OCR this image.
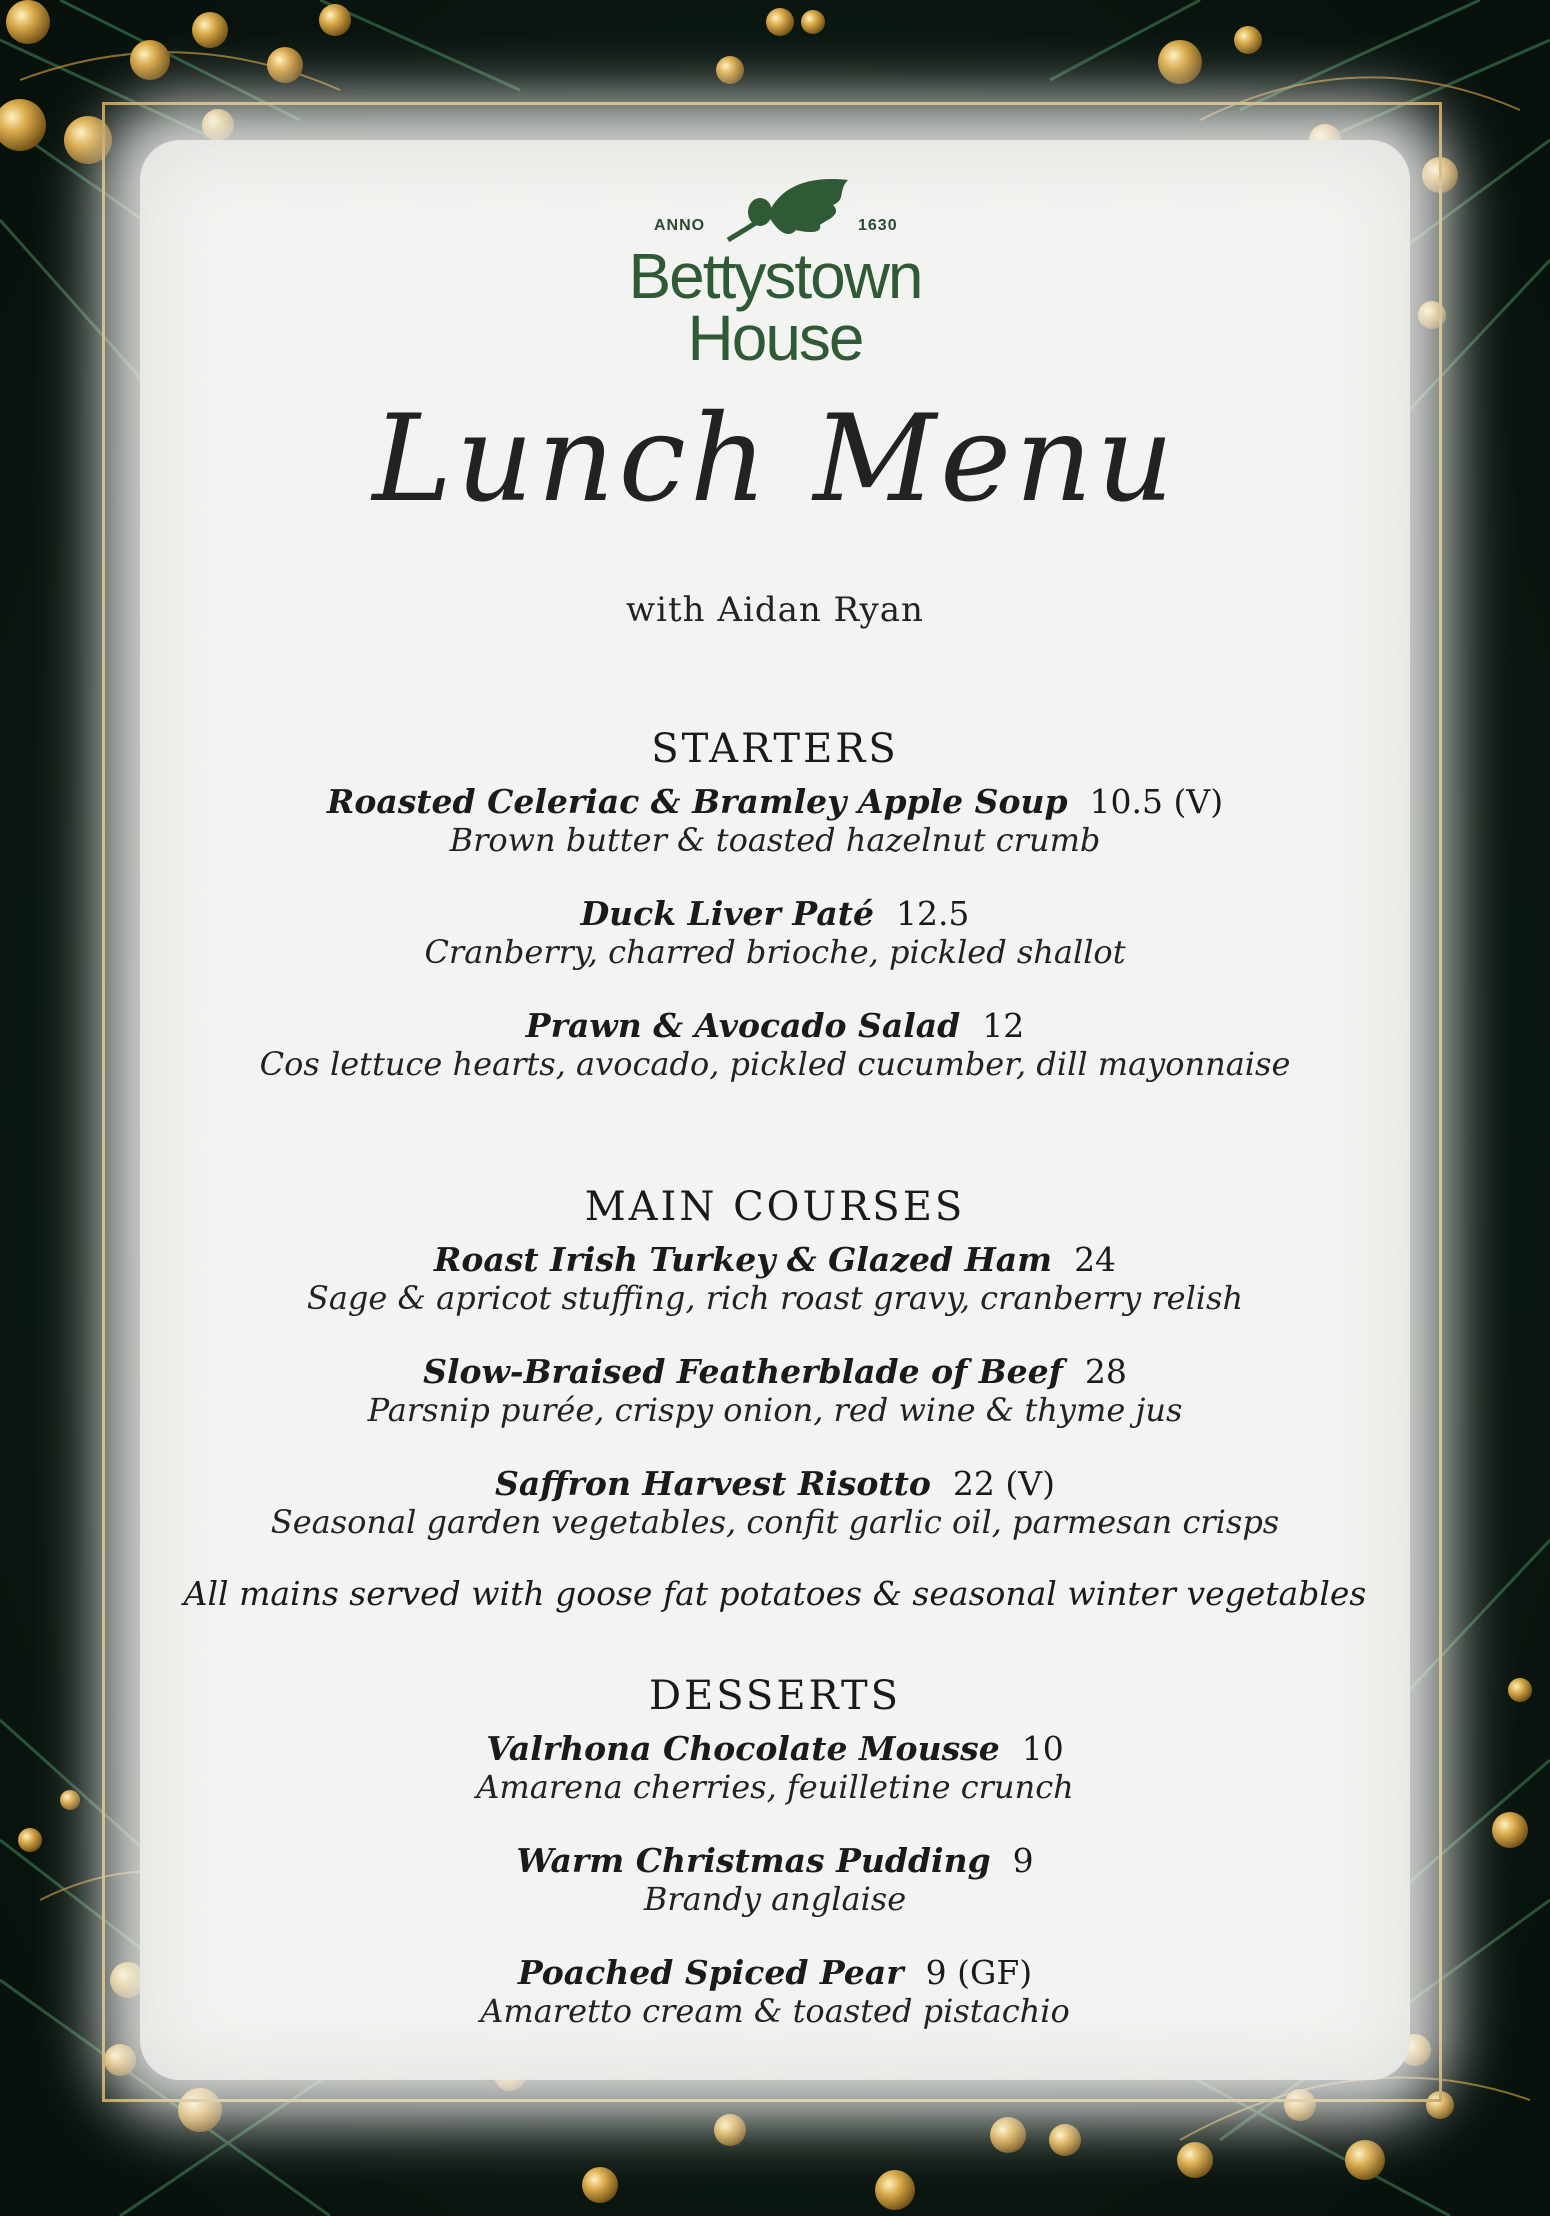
ANNO	1630
Bettystown
House
Lunch Menu
with Aidan Ryan
STARTERS
Roasted Celeriac & Bramley Apple Soup 10.5 (V)
Brown butter & toasted hazelnut crumb
Duck Liver Paté 12.5
Cranberry, charred brioche, pickled shallot
Prawn & Avocado Salad 12
Cos lettuce hearts, avocado, pickled cucumber, dill mayonnaise
MAIN COURSES
Roast Irish Turkey & Glazed Ham 24
Sage & apricot stuffing, rich roast gravy, cranberry relish
Slow-Braised Featherblade of Beef 28
Parsnip purée, crispy onion, red wine & thyme jus
Saffron Harvest Risotto 22 (V)
Seasonal garden vegetables, confit garlic oil, parmesan crisps
All mains served with goose fat potatoes & seasonal winter vegetables
DESSERTS
Valrhona Chocolate Mousse 10
Amarena cherries, feuilletine crunch
Warm Christmas Pudding 9
Brandy anglaise
Poached Spiced Pear 9 (GF)
Amaretto cream & toasted pistachio
